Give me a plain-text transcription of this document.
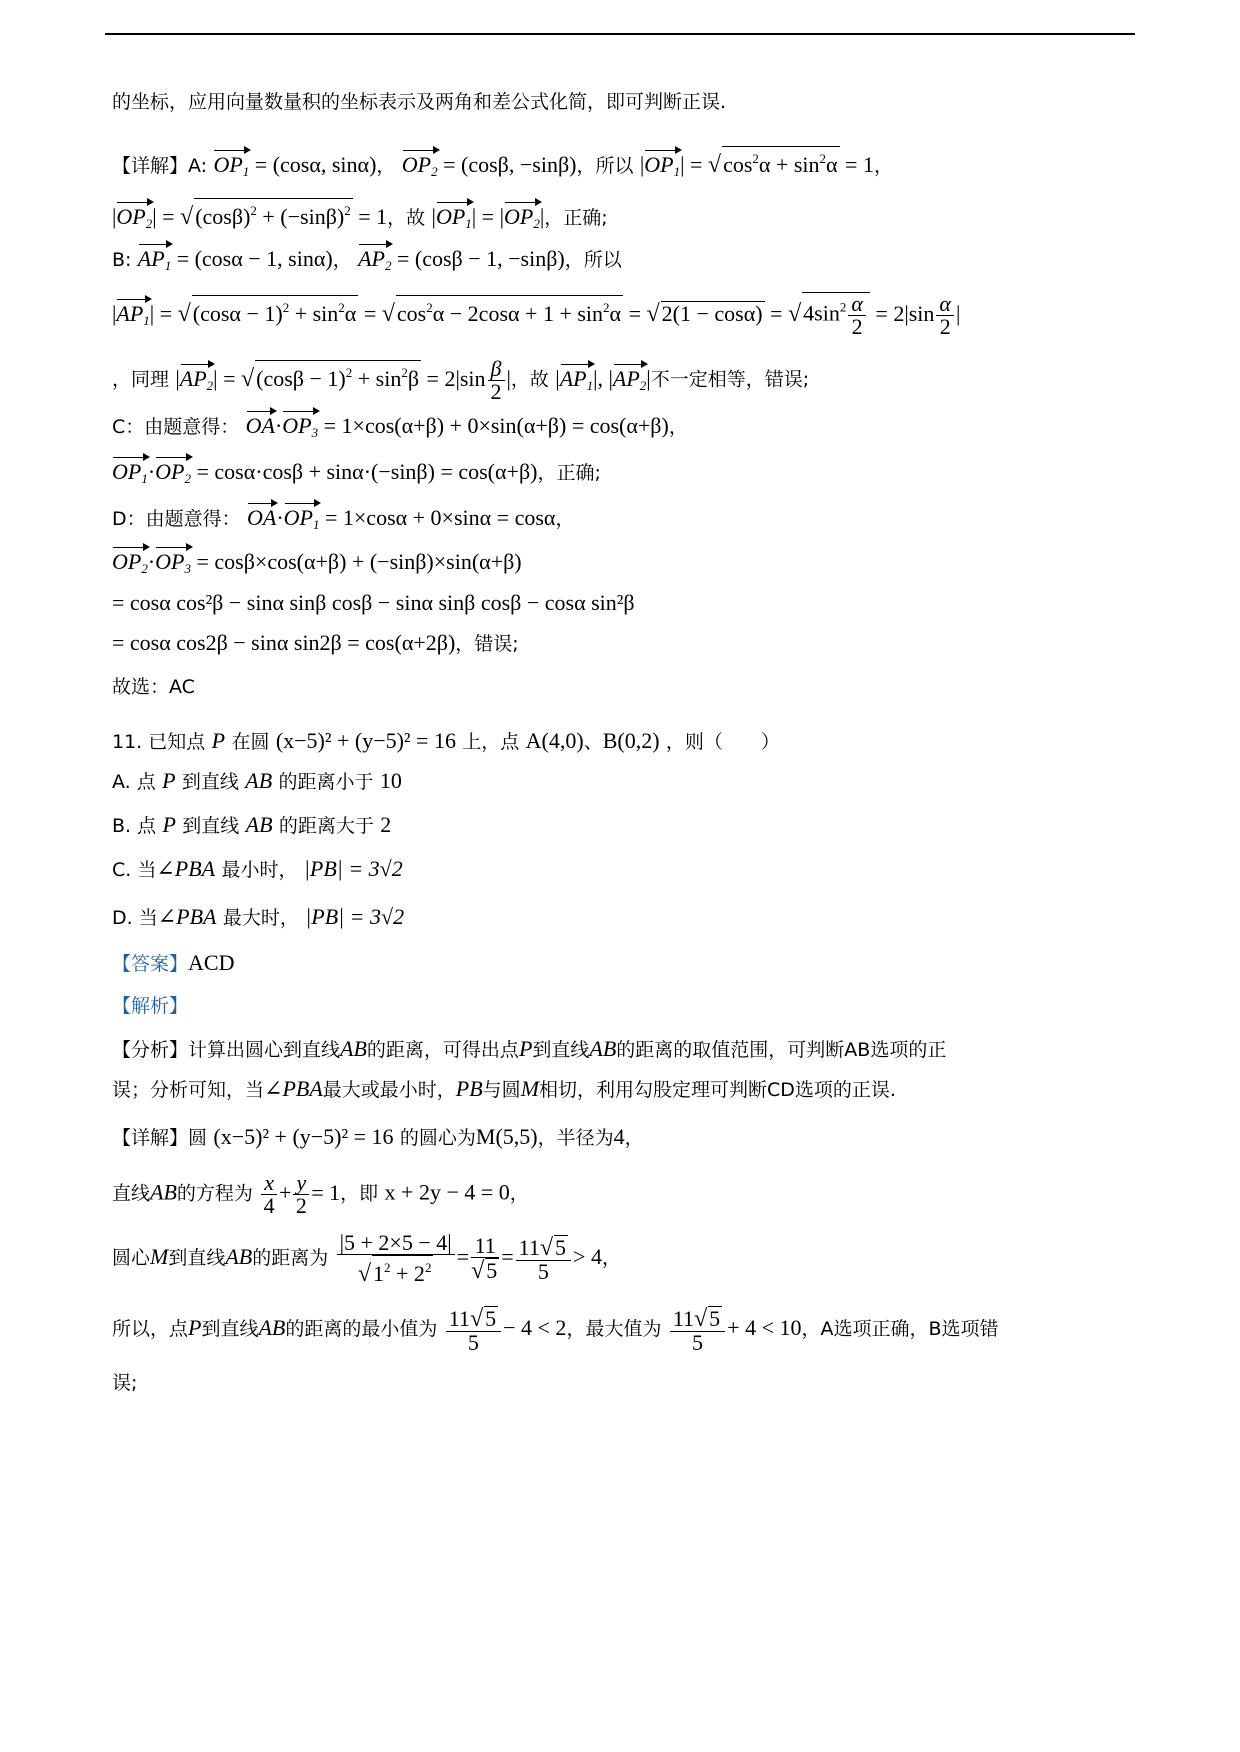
的坐标，应用向量数量积的坐标表示及两角和差公式化简，即可判断正误.
【详解】A: $OP_1 = (\cos\alpha$, sinα)， $OP_2 = (\cos\beta$, −sinβ)，所以 $|OP_1| = √\cos^2\alpha + \sin^2\alpha = 1$，
$|OP_2| = √(\cos\beta)^2 + (-\sin\beta)^2 = 1$，故 $|OP_1| = |OP_2|$，正确;
B: $AP_1 = (\cos\alpha - 1$, sinα)， $AP_2 = (\cos\beta - 1$, −sinβ)，所以
$|AP_1| = √(\cos\alpha - 1)^2 + \sin^2\alpha = √\cos^2\alpha - 2\cos\alpha + 1 + \sin^2\alpha = √2(1 - \cos\alpha) = √4\sin^2 \frac{\alpha}{2} = 2|\sin \frac{\alpha}{2}$ |
，同理 $|AP_2| = √(\cos\beta - 1)^2 + \sin^2\beta = 2|\sin \frac{\beta}{2}$ |，故 $|AP_1|$, $|AP_2|$不一定相等，错误;
C：由题意得： $OA\cdot OP_3 = 1\times\cos(\alpha+\beta) + 0\times\sin(\alpha+\beta) = \cos(\alpha+\beta)$，
$OP_1\cdot OP_2 = \cos\alpha\cdot\cos\beta + \sin\alpha\cdot(-\sin\beta) = \cos(\alpha+\beta)$，正确;
D：由题意得： $OA\cdot OP_1 = 1\times\cos\alpha + 0\times\sin\alpha = \cos\alpha$，
$OP_2\cdot OP_3 = \cos\beta\times\cos(\alpha+\beta) + (-\sin\beta)\times\sin(\alpha+\beta)$
= cosα cos²β − sinα sinβ cosβ − sinα sinβ cosβ − cosα sin²β
= cosα cos2β − sinα sin2β = cos(α+2β)，错误;
故选：AC
11. 已知点 P 在圆 (x−5)² + (y−5)² = 16 上，点 A(4,0)、B(0,2) ，则（　　）
A. 点 P 到直线 AB 的距离小于 10
B. 点 P 到直线 AB 的距离大于 2
C. 当∠PBA 最小时， |PB| = 3√2
D. 当∠PBA 最大时， |PB| = 3√2
【答案】ACD
【解析】
【分析】计算出圆心到直线AB的距离，可得出点P到直线AB的距离的取值范围，可判断AB选项的正
误；分析可知，当∠PBA最大或最小时，PB与圆M相切，利用勾股定理可判断CD选项的正误.
【详解】圆 (x−5)² + (y−5)² = 16 的圆心为M(5,5)，半径为4，
直线AB的方程为 $\frac{x}{4} + \frac{y}{2} = 1$，即 x + 2y − 4 = 0，
圆心M到直线AB的距离为 $\frac{|5 + 2\times 5 - 4|}{√1^2 + 2^2} = \frac{11}{√5} = \frac{11√5}{5} > 4$，
所以，点P到直线AB的距离的最小值为 $\frac{11√5}{5} - 4 < 2$，最大值为 $\frac{11√5}{5} + 4 < 10$，A选项正确，B选项错
误;
